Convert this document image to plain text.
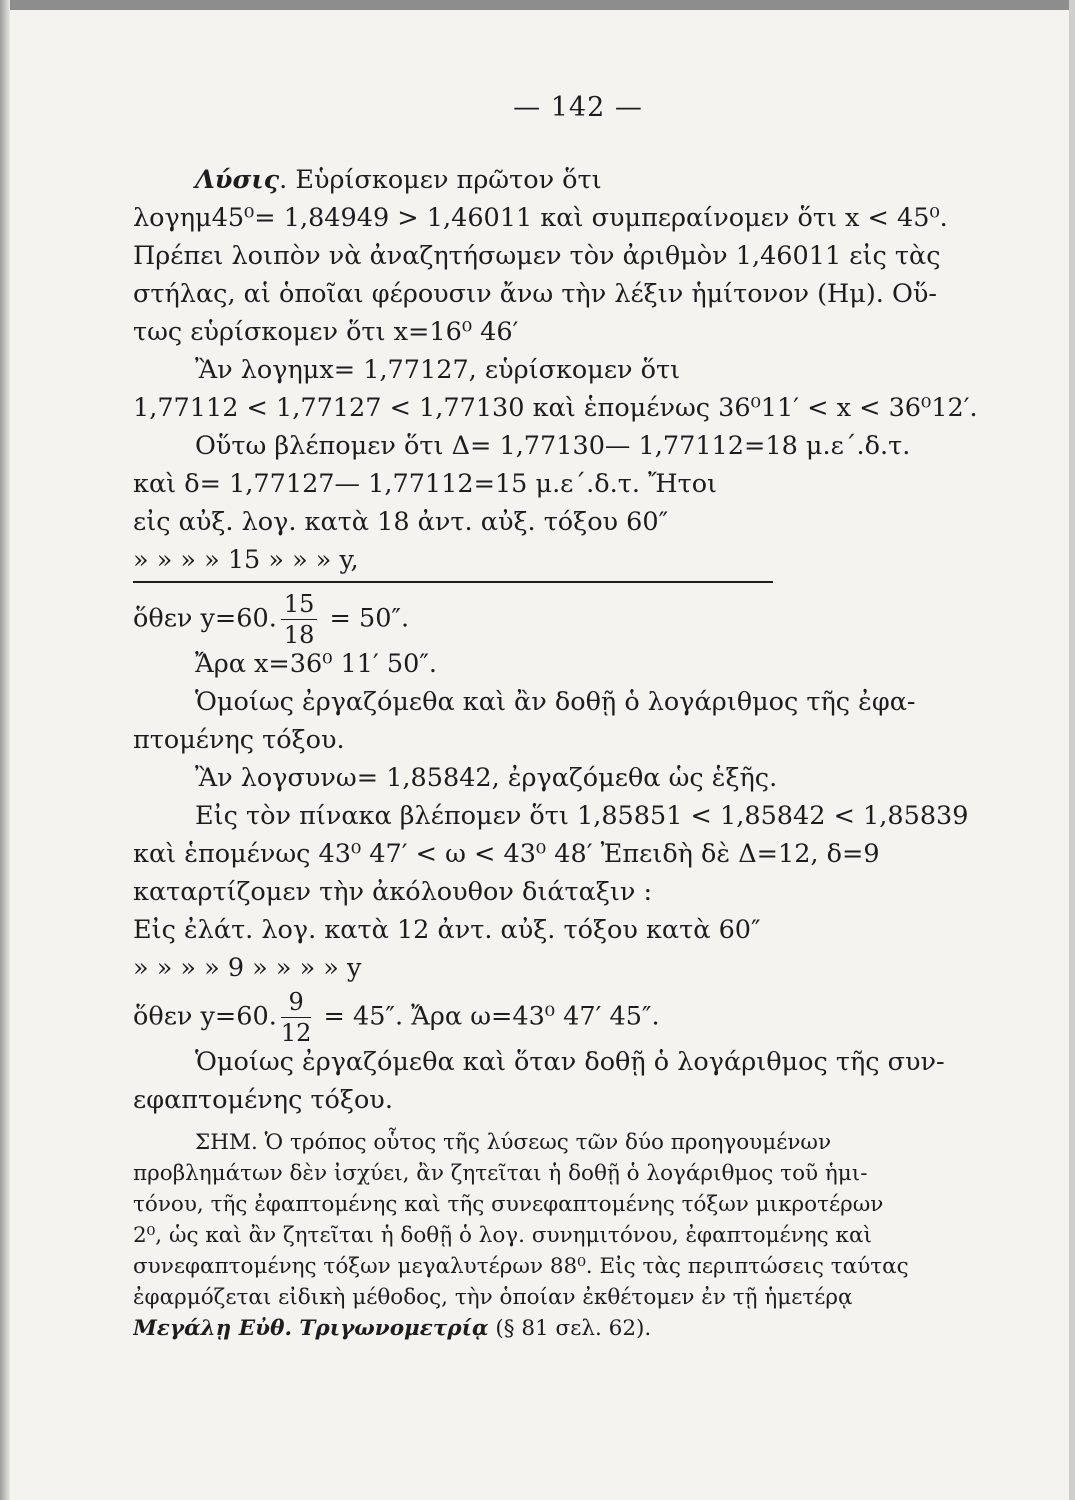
— 142 —
Λύσις. Εὑρίσκομεν πρῶτον ὅτι
λογημ45⁰= 1,84949 > 1,46011 καὶ συμπεραίνομεν ὅτι x < 45⁰.
Πρέπει λοιπὸν νὰ ἀναζητήσωμεν τὸν ἀριθμὸν 1,46011 εἰς τὰς
στήλας, αἱ ὁποῖαι φέρουσιν ἄνω τὴν λέξιν ἡμίτονον (Ημ). Οὕ-
τως εὑρίσκομεν ὅτι x=16⁰ 46′
Ἂν λογημx= 1,77127, εὑρίσκομεν ὅτι
1,77112 < 1,77127 < 1,77130 καὶ ἑπομένως 36⁰11′ < x < 36⁰12′.
Οὕτω βλέπομεν ὅτι Δ= 1,77130— 1,77112=18 μ.ε΄.δ.τ.
καὶ δ= 1,77127— 1,77112=15 μ.ε΄.δ.τ. Ἤτοι
εἰς αὐξ. λογ. κατὰ 18 ἀντ. αὐξ. τόξου 60″
» » » » 15 » » » y,
ὅθεν y=60. $\frac{15}{18} = 50''$.
Ἄρα x=36⁰ 11′ 50″.
Ὁμοίως ἐργαζόμεθα καὶ ἂν δοθῇ ὁ λογάριθμος τῆς ἐφα-
πτομένης τόξου.
Ἂν λογσυνω= 1,85842, ἐργαζόμεθα ὡς ἑξῆς.
Εἰς τὸν πίνακα βλέπομεν ὅτι 1,85851 < 1,85842 < 1,85839
καὶ ἑπομένως 43⁰ 47′ < ω < 43⁰ 48′ Ἐπειδὴ δὲ Δ=12, δ=9
καταρτίζομεν τὴν ἀκόλουθον διάταξιν :
Εἰς ἐλάτ. λογ. κατὰ 12 ἀντ. αὐξ. τόξου κατὰ 60″
» » » » 9 » » » » y
ὅθεν y=60. $\frac{9}{12} = 45''$. Ἄρα ω=43⁰ 47′ 45″.
Ὁμοίως ἐργαζόμεθα καὶ ὅταν δοθῇ ὁ λογάριθμος τῆς συν-
εφαπτομένης τόξου.
ΣΗΜ. Ὁ τρόπος οὗτος τῆς λύσεως τῶν δύο προηγουμένων
προβλημάτων δὲν ἰσχύει, ἂν ζητεῖται ἡ δοθῇ ὁ λογάριθμος τοῦ ἡμι-
τόνου, τῆς ἐφαπτομένης καὶ τῆς συνεφαπτομένης τόξων μικροτέρων
2⁰, ὡς καὶ ἂν ζητεῖται ἡ δοθῇ ὁ λογ. συνημιτόνου, ἐφαπτομένης καὶ
συνεφαπτομένης τόξων μεγαλυτέρων 88⁰. Εἰς τὰς περιπτώσεις ταύτας
ἐφαρμόζεται εἰδικὴ μέθοδος, τὴν ὁποίαν ἐκθέτομεν ἐν τῇ ἡμετέρᾳ
Μεγάλῃ Εὐθ. Τριγωνομετρίᾳ (§ 81 σελ. 62).
